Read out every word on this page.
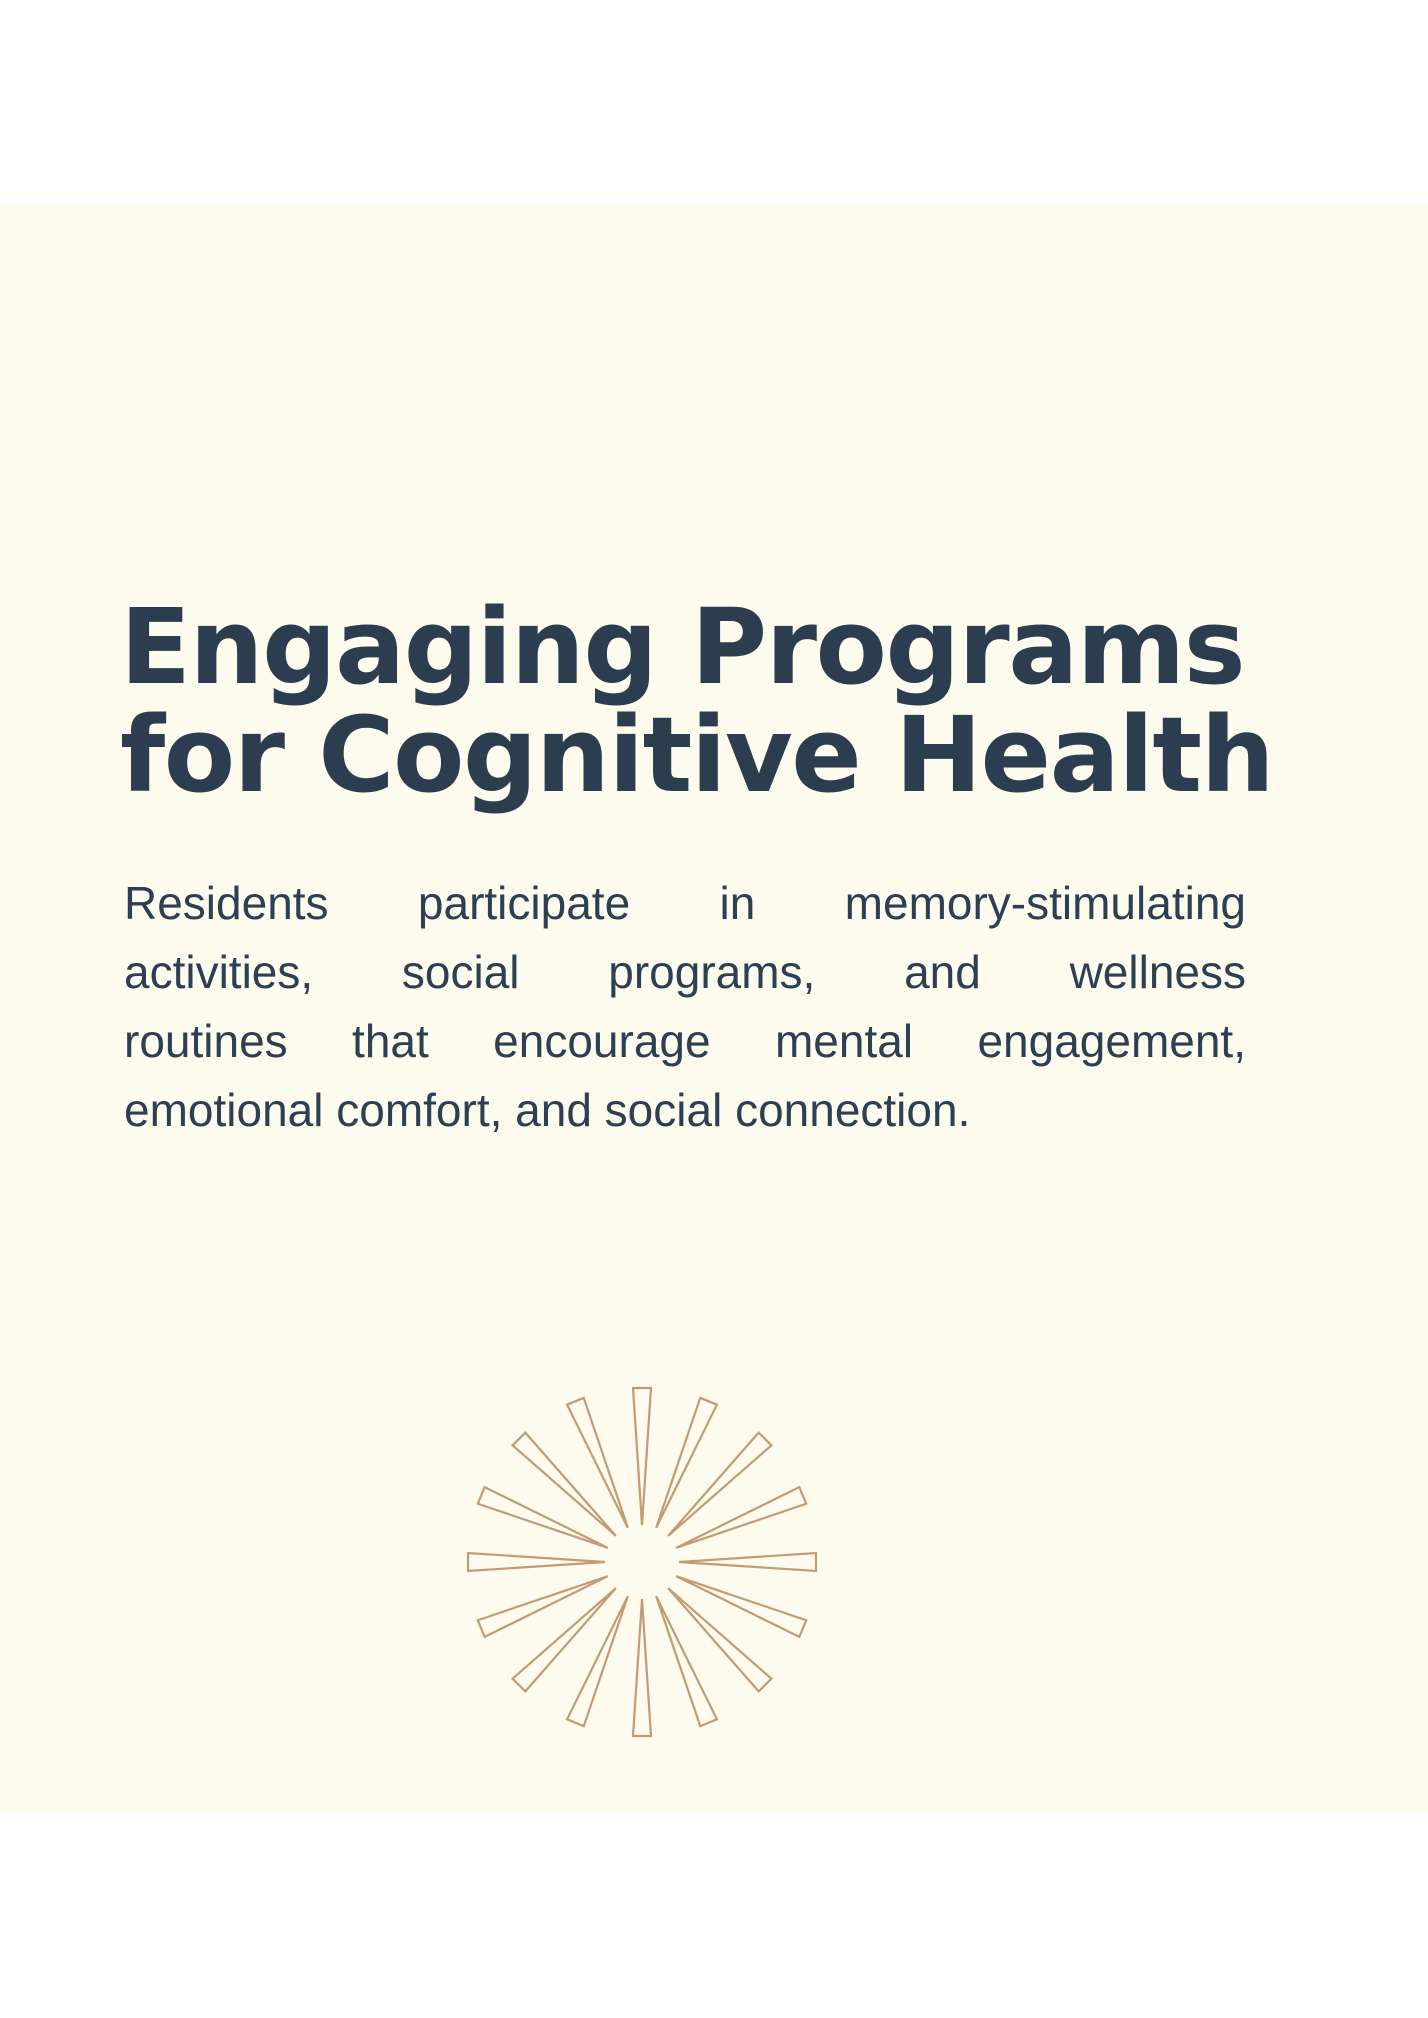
Engaging Programs
for Cognitive Health
Residents participate in memory-stimulating
activities, social programs, and wellness
routines that encourage mental engagement,
emotional comfort, and social connection.
